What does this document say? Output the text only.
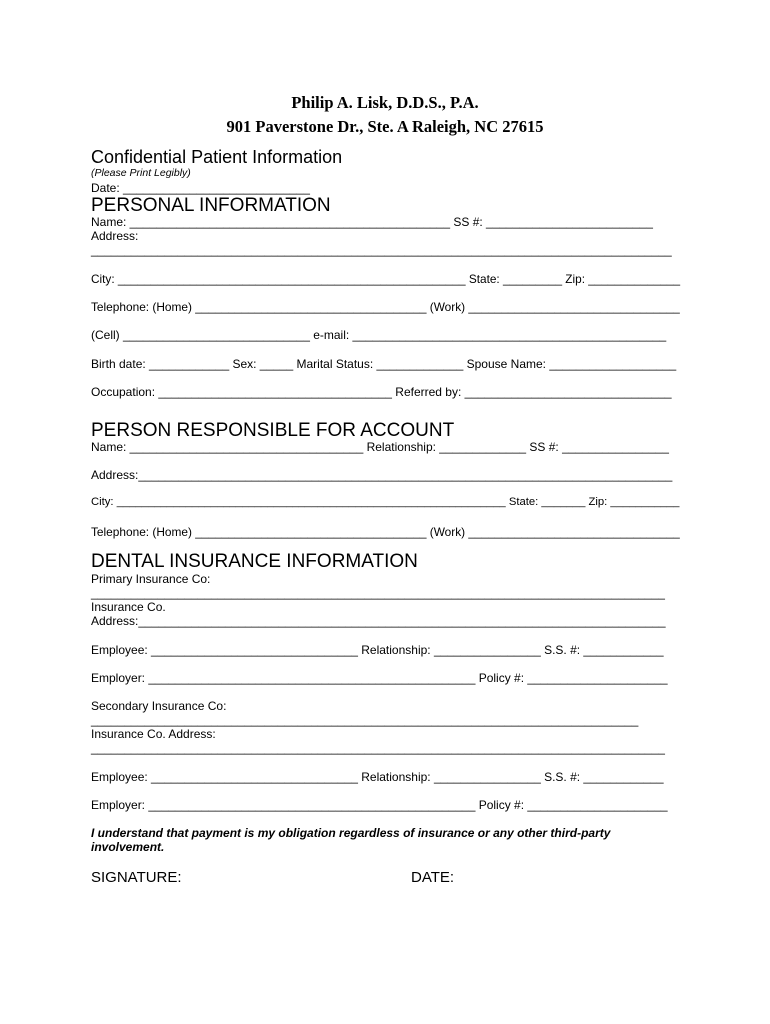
Philip A. Lisk, D.D.S., P.A.
901 Paverstone Dr., Ste. A Raleigh, NC 27615
Confidential Patient Information
(Please Print Legibly)
Date: ____________________________
PERSONAL INFORMATION
Name: ________________________________________________ SS #: _________________________
Address:
_______________________________________________________________________________________
City: _____________________________________________________ State: _________ Zip: ______________
Telephone: (Home) ___________________________________ (Work) ________________________________
(Cell) ____________________________ e-mail: _______________________________________________
Birth date: ____________ Sex: _____ Marital Status: _____________ Spouse Name: ___________________
Occupation: ___________________________________ Referred by: _______________________________
PERSON RESPONSIBLE FOR ACCOUNT
Name: ___________________________________ Relationship: _____________ SS #: ________________
Address:________________________________________________________________________________
City: ______________________________________________________________ State: _______ Zip: ___________
Telephone: (Home) ___________________________________ (Work) ________________________________
DENTAL INSURANCE INFORMATION
Primary Insurance Co:
______________________________________________________________________________________
Insurance Co.
Address:_______________________________________________________________________________
Employee: _______________________________ Relationship: ________________ S.S. #: ____________
Employer: _________________________________________________ Policy #: _____________________
Secondary Insurance Co:
__________________________________________________________________________________
Insurance Co. Address:
______________________________________________________________________________________
Employee: _______________________________ Relationship: ________________ S.S. #: ____________
Employer: _________________________________________________ Policy #: _____________________
I understand that payment is my obligation regardless of insurance or any other third-party
involvement.
SIGNATURE:	DATE:
